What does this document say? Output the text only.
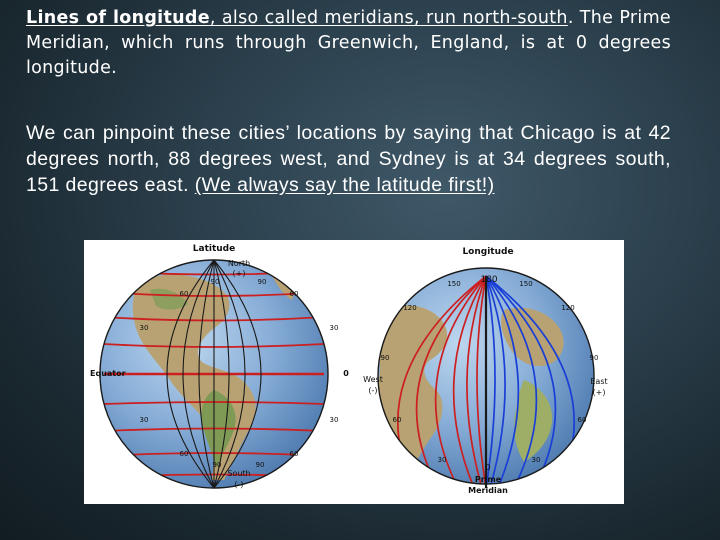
Lines of longitude, also called meridians, run north-south. The Prime Meridian, which runs through Greenwich, England, is at 0 degrees longitude.
We can pinpoint these cities’ locations by saying that Chicago is at 42 degrees north, 88 degrees west, and Sydney is at 34 degrees south, 151 degrees east. (We always say the latitude first!)
Latitude
North
(+)
90	90
60	60
30	30
30	30
60	60
90	90
Equator	0
South
(-)
Longitude
180
150	150
120	120
90	90
60	60
30	30
West
(-)
East
(+)
0
Prime
Meridian
